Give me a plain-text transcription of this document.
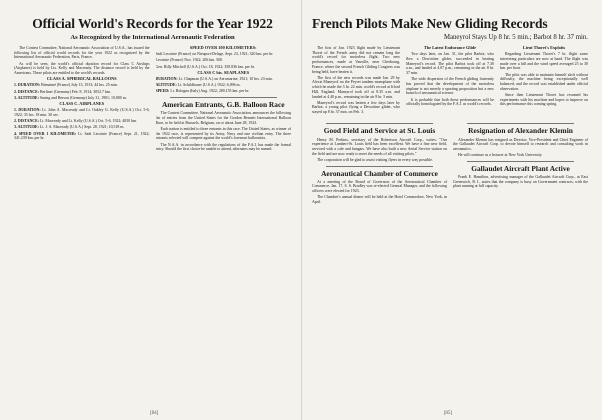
Official World's Records for the Year 1922
As Recognized by the International Aeronautic Federation

The Contest Committee, National Aeronautic Association of U.S.A., has issued the following list of official world records for the year 1922 as recognized by the International Aeronautic Federation, Paris, France.

As will be seen, the world's official duration record for Class C Airships (Airplanes) is held by Lts. Kelly and Macready. The distance record is held by the Americans. These pilots are entitled to the world's records.

CLASS A. SPHERICAL BALLOONS

1. DURATION: Bienaimé (France) July 13, 1913; 44 hrs. 25 min.

2. DISTANCE: Berliner (Germany) Feb. 8, 1914; 3052.7 km.

3. ALTITUDE: Suring and Berson (Germany) July 31, 1901; 10,800 m.

CLASS C. AIRPLANES

1. DURATION: Lt. John A. Macready and Lt. Oakley G. Kelly (U.S.A.) Oct. 5-6, 1922; 35 hrs. 18 min. 30 sec.

2. DISTANCE: Lt. Macready and Lt. Kelly (U.S.A.) Oct. 5-6, 1922; 4050 km.

3. ALTITUDE: Lt. J. A. Macready (U.S.A.) Sept. 28, 1921; 10,518 m.

4. SPEED OVER 1 KILOMETER: Lt. Sadi Lecointe (France) Sept. 21, 1922; 341.239 km. per hr.

SPEED OVER 100 KILOMETERS:

Sadi Lecointe (France) on Nieuport-Delage, Sept. 23, 1921; 320 km. per hr.

Lecointe (France) Nov. 1922; 206 km. 500.

Gen. Billy Mitchell (U.S.A.) Oct. 18, 1922; 358.836 km. per hr.

CLASS C bis. SEAPLANES

DURATION: Lt. Chapman (U.S.A.) on Aeromarine, 1921; 10 hrs. 23 min.

ALTITUDE: Lt. Schildhauer (U.S.A.) 1922; 6,096 m.

SPEED: Lt. Bologna (Italy) Aug. 1922; 280.155 km. per hr.

American Entrants, G.B. Balloon Race

The Contest Committee, National Aeronautic Association, announces the following list of entries from the United States for the Gordon Bennett International Balloon Race, to be held at Brussels, Belgium, on or about June 28, 1923.

Each nation is entitled to three entrants in this race. The United States, as winner of the 1922 race, is represented by its Army, Navy and one civilian entry. The three entrants selected will compete against the world's foremost balloonists.

The N.A.A. in accordance with the regulations of the F.A.I. has made the formal entry. Should the first choice be unable to attend, alternates may be named.

[84]
French Pilots Make New Gliding Records
Maneyrol Stays Up 8 hr. 5 min.; Barbot 8 hr. 37 min.

The first of Jan. 1923 flight made by Lieutenant Thoret of the French army did not remain long the world's record for motorless flight. Two new performances, made at Vauville, near Cherbourg, France, where the second French Gliding Congress was being held, have beaten it.

The first of the new records was made Jan. 29 by Alexis Maneyrol on the Peyret tandem monoplane with which he made the 3 hr. 22 min. world's record at Itford Hill, England. Maneyrol took off at 8.35 a.m. and landed at 4.40 p.m., remaining in the air 8 hr. 5 min.

Maneyrol's record was beaten a few days later by Barbot, a young pilot flying a Dewoitine glider, who stayed up 8 hr. 37 min. on Feb. 3.

The Latest Endurance Glide

Two days later, on Jan. 31, the pilot Barbot, who flew a Dewoitine glider, succeeded in beating Maneyrol's record. The pilot Barbot took off at 7.30 a.m., and landed at 4.07 p.m., remaining in the air 8 hr. 37 min.

The wide dispersion of the French gliding fraternity has proved that the development of the motorless airplane is not merely a sporting proposition but a new branch of aeronautical science.

It is probable that both these performances will be officially homologated by the F.A.I. as world's records.

Lieut Thoret's Exploits

Regarding Lieutenant Thoret's 7 hr. flight some interesting particulars are now at hand. The flight was made over a hill and the wind speed averaged 25 to 30 km. per hour.

The pilot was able to maintain himself aloft without difficulty, the machine being exceptionally well balanced, and the record was established under official observation.

Since then Lieutenant Thoret has resumed his experiments with his machine and hopes to improve on this performance this coming spring.

Good Field and Service at St. Louis

Henry M. Perkins, secretary of the Robertson Aircraft Corp., writes: "Our experience at Lambert-St. Louis field has been excellent. We have a fine new field, serviced with a cafe and hangars. We have also built a new Aerial Service station on the field and are now ready to meet the needs of all visiting pilots."

The corporation will be glad to assist visiting flyers in every way possible.

Aeronautical Chamber of Commerce

At a meeting of the Board of Governors of the Aeronautical Chamber of Commerce, Jan. 17, S. S. Bradley was re-elected General Manager, and the following officers were elected for 1923.

The Chamber's annual dinner will be held at the Hotel Commodore, New York, in April.

Resignation of Alexander Klemin

Alexander Klemin has resigned as Director, Vice-President and Chief Engineer of the Gallaudet Aircraft Corp. to devote himself to research and consulting work in aeronautics.

He will continue as a lecturer at New York University.

Gallaudet Aircraft Plant Active

Frank E. Hamilton, advertising manager of the Gallaudet Aircraft Corp., at East Greenwich, R. I., states that the company is busy on Government contracts, with the plant running at full capacity.

[85]
